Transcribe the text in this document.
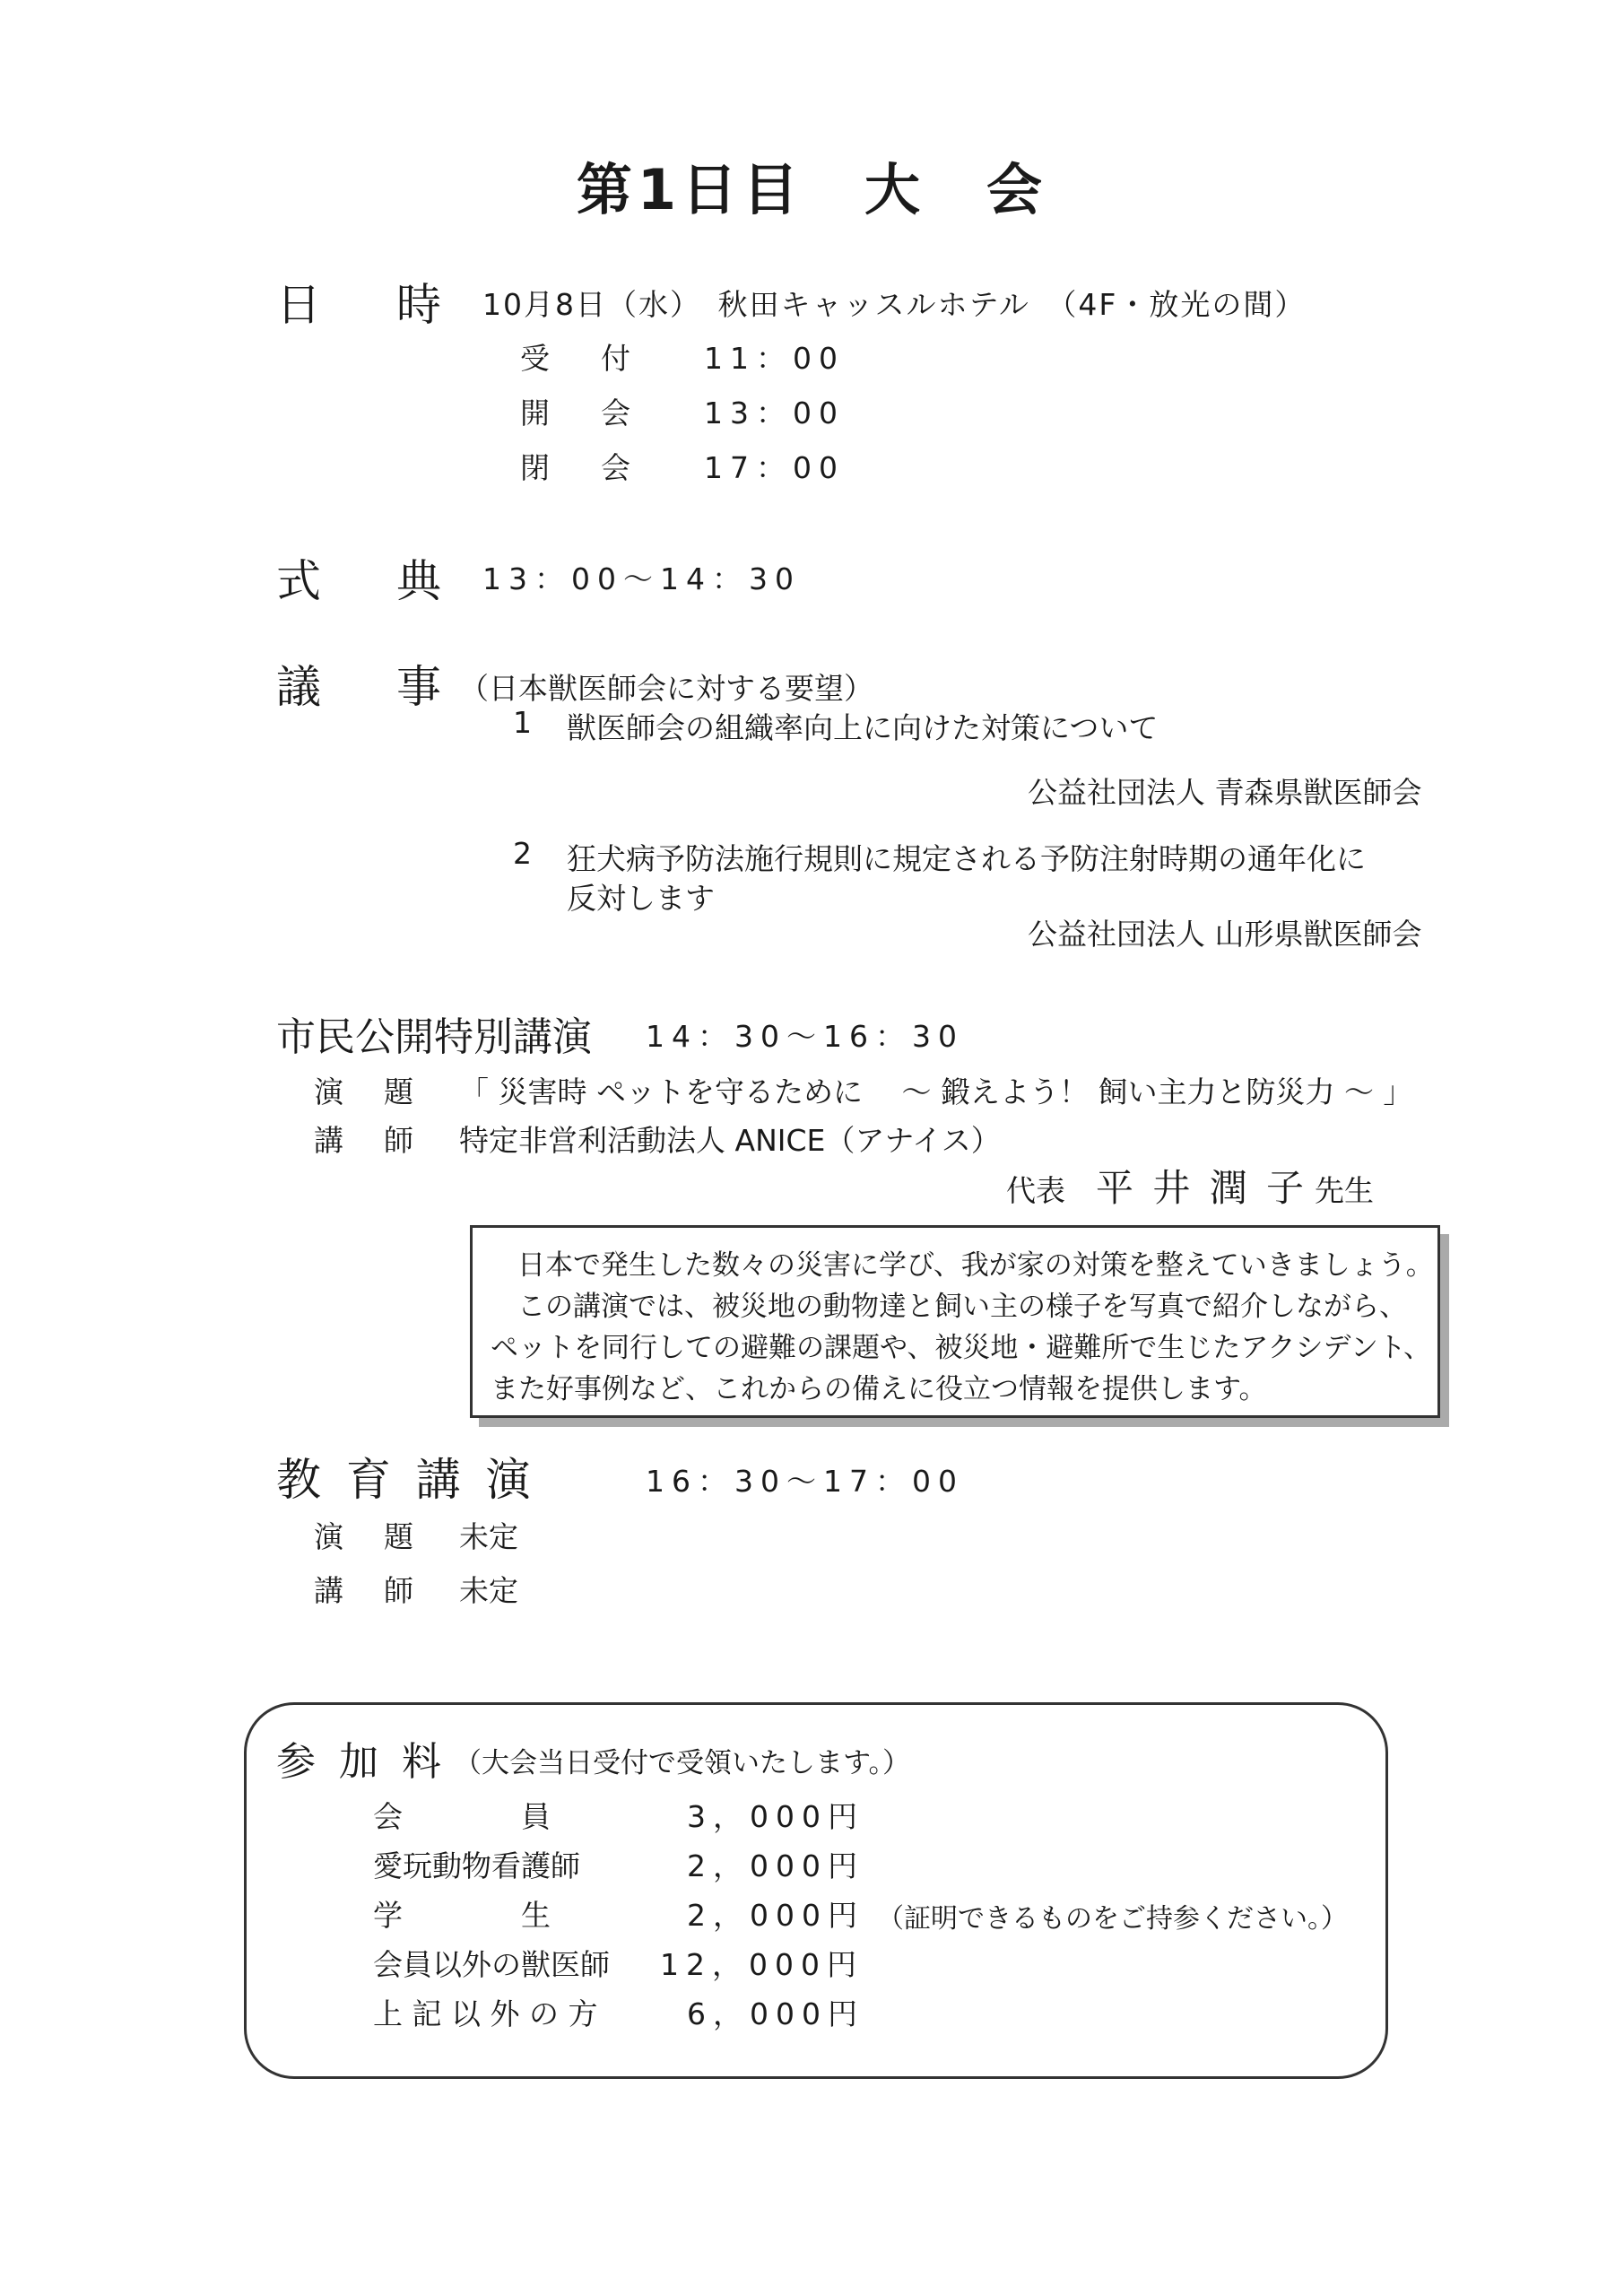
第1日目　大　会
日 時 10月8日（水）　秋田キャッスルホテル　（4F・放光の間）
受　付 11：00
開　会 13：00
閉　会 17：00
式 典 13：00〜14：30
議 事 （日本獣医師会に対する要望）
1 獣医師会の組織率向上に向けた対策について
公益社団法人 青森県獣医師会
2 狂犬病予防法施行規則に規定される予防注射時期の通年化に
反対します
公益社団法人 山形県獣医師会
市民公開特別講演 14：30〜16：30
演　題 「 災害時 ペットを守るために　 〜 鍛えよう！ 飼い主力と防災力 〜 」
講　師 特定非営利活動法人 ANICE（アナイス）
代表 平 井 潤 子 先生
日本で発生した数々の災害に学び、我が家の対策を整えていきましょう。
この講演では、被災地の動物達と飼い主の様子を写真で紹介しながら、
ペットを同行しての避難の課題や、被災地・避難所で生じたアクシデント、
また好事例など、これからの備えに役立つ情報を提供します。
教 育 講 演	16：30〜17：00
演　題 未定
講　師 未定
参 加 料 （大会当日受付で受領いたします。）
会　　　　員	3，000円
愛玩動物看護師	2，000円
学　　　　生	2，000円 （証明できるものをご持参ください。）
会員以外の獣医師 12，000円
上 記 以 外 の 方	6，000円
